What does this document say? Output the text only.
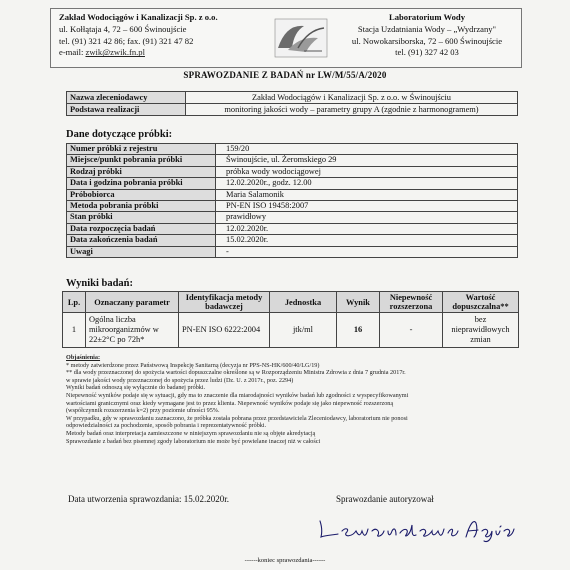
Zakład Wodociągów i Kanalizacji Sp. z o.o.
ul. Kołłątaja 4, 72 – 600 Świnoujście
tel. (91) 321 42 86; fax. (91) 321 47 82
e-mail: zwik@zwik.fn.pl
Laboratorium Wody
Stacja Uzdatniania Wody – „Wydrzany"
ul. Nowokarsiborska, 72 – 600 Świnoujście
tel. (91) 327 42 03
SPRAWOZDANIE Z BADAŃ nr LW/M/55/A/2020
Nazwa zleceniodawcy	Zakład Wodociągów i Kanalizacji Sp. z o.o. w Świnoujściu
Podstawa realizacji	monitoring jakości wody – parametry grupy A (zgodnie z harmonogramem)
Dane dotyczące próbki:
Numer próbki z rejestru	159/20
Miejsce/punkt pobrania próbki	Świnoujście, ul. Żeromskiego 29
Rodzaj próbki	próbka wody wodociągowej
Data i godzina pobrania próbki	12.02.2020r., godz. 12.00
Próbobiorca	Maria Salamonik
Metoda pobrania próbki	PN-EN ISO 19458:2007
Stan próbki	prawidłowy
Data rozpoczęcia badań	12.02.2020r.
Data zakończenia badań	15.02.2020r.
Uwagi	-
Wyniki badań:
Lp.	Oznaczany parametr	Identyfikacja metody badawczej	Jednostka	Wynik	Niepewność rozszerzona	Wartość dopuszczalna**
1	Ogólna liczba mikroorganizmów w 22±2°C po 72h*	PN-EN ISO 6222:2004	jtk/ml	16	-	bez nieprawidłowych zmian
Objaśnienia:
* metody zatwierdzone przez Państwową Inspekcję Sanitarną (decyzja nr PPS-NS-HK/600/40/LG/19)
** dla wody przeznaczonej do spożycia wartości dopuszczalne określone są w Rozporządzeniu Ministra Zdrowia z dnia 7 grudnia 2017r.
w sprawie jakości wody przeznaczonej do spożycia przez ludzi (Dz. U. z 2017r., poz. 2294)
Wyniki badań odnoszą się wyłącznie do badanej próbki.
Niepewność wyników podaje się w sytuacji, gdy ma to znaczenie dla miarodajności wyników badań lub zgodności z wyspecyfikowanymi
wartościami granicznymi oraz kiedy wymagane jest to przez klienta. Niepewność wyników podaje się jako niepewność rozszerzoną
(współczynnik rozszerzenia k=2) przy poziomie ufności 95%.
W przypadku, gdy w sprawozdaniu zaznaczono, że próbka została pobrana przez przedstawiciela Zleceniodawcy, laboratorium nie ponosi
odpowiedzialności za pochodzenie, sposób pobrania i reprezentatywność próbki.
Metody badań oraz interpretacja zamieszczone w niniejszym sprawozdaniu nie są objęte akredytacją
Sprawozdanie z badań bez pisemnej zgody laboratorium nie może być powielane inaczej niż w całości
Data utworzenia sprawozdania: 15.02.2020r.	Sprawozdanie autoryzował
------koniec sprawozdania------
